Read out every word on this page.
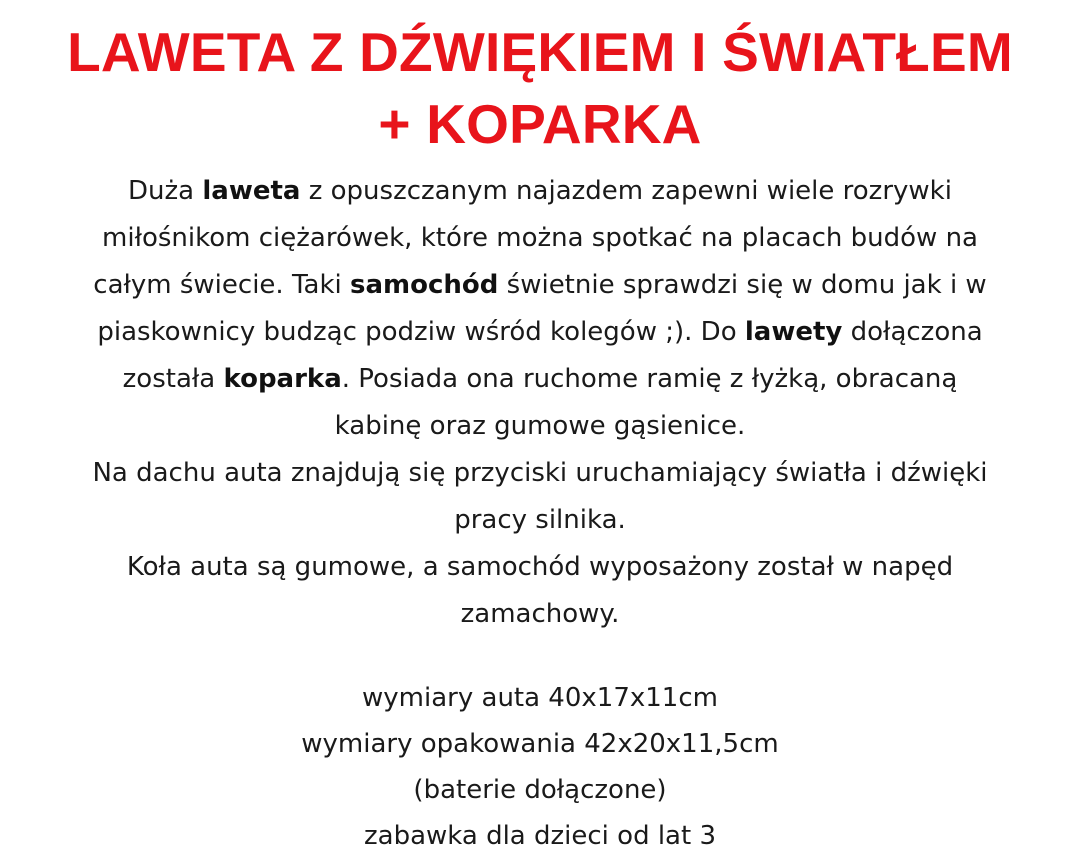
LAWETA Z DŹWIĘKIEM I ŚWIATŁEM
+ KOPARKA
Duża laweta z opuszczanym najazdem zapewni wiele rozrywki
miłośnikom ciężarówek, które można spotkać na placach budów na
całym świecie. Taki samochód świetnie sprawdzi się w domu jak i w
piaskownicy budząc podziw wśród kolegów ;). Do lawety dołączona
została koparka. Posiada ona ruchome ramię z łyżką, obracaną
kabinę oraz gumowe gąsienice.
Na dachu auta znajdują się przyciski uruchamiający światła i dźwięki
pracy silnika.
Koła auta są gumowe, a samochód wyposażony został w napęd
zamachowy.
wymiary auta 40x17x11cm
wymiary opakowania 42x20x11,5cm
(baterie dołączone)
zabawka dla dzieci od lat 3
